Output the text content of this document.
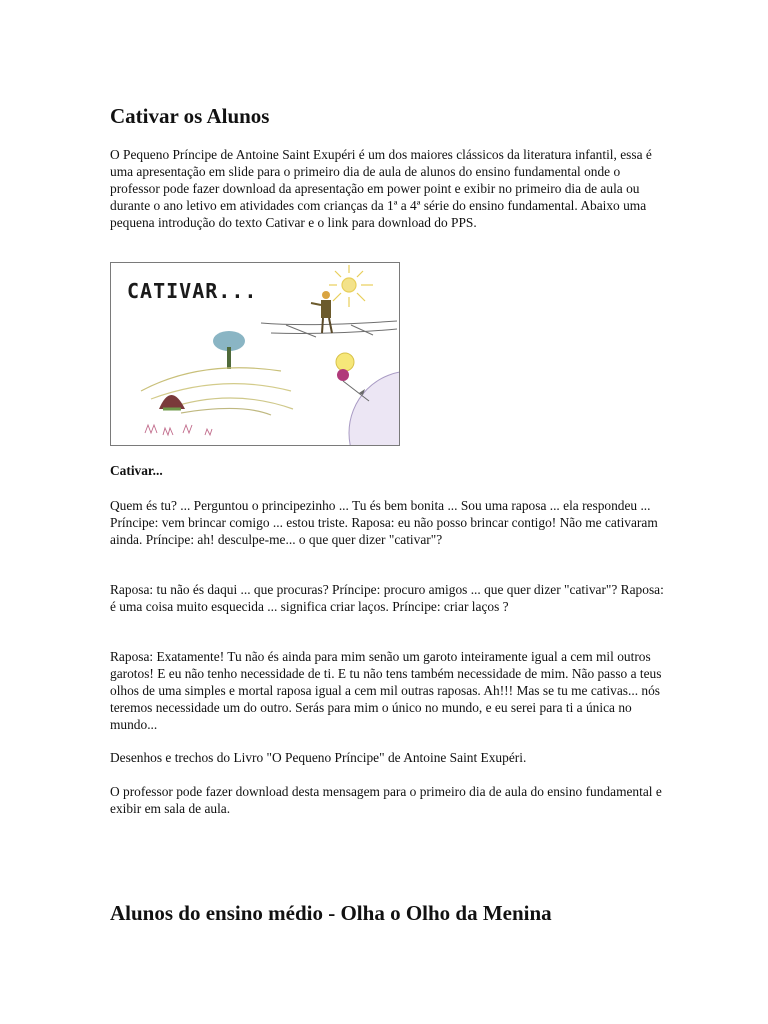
Cativar os Alunos

O Pequeno Príncipe de Antoine Saint Exupéri é um dos maiores clássicos da literatura infantil, essa é uma apresentação em slide para o primeiro dia de aula de alunos do ensino fundamental onde o professor pode fazer download da apresentação em power point e exibir no primeiro dia de aula ou durante o ano letivo em atividades com crianças da 1ª a 4ª série do ensino fundamental. Abaixo uma pequena introdução do texto Cativar e o link para download do PPS.

CATIVAR...

Cativar...

Quem és tu? ... Perguntou o principezinho ... Tu és bem bonita ... Sou uma raposa ... ela respondeu ... Príncipe: vem brincar comigo ... estou triste. Raposa: eu não posso brincar contigo! Não me cativaram ainda. Príncipe: ah! desculpe-me... o que quer dizer "cativar"?

Raposa: tu não és daqui ... que procuras? Príncipe: procuro amigos ... que quer dizer "cativar"? Raposa: é uma coisa muito esquecida ... significa criar laços. Príncipe: criar laços ?

Raposa: Exatamente! Tu não és ainda para mim senão um garoto inteiramente igual a cem mil outros garotos! E eu não tenho necessidade de ti. E tu não tens também necessidade de mim. Não passo a teus olhos de uma simples e mortal raposa igual a cem mil outras raposas. Ah!!! Mas se tu me cativas... nós teremos necessidade um do outro. Serás para mim o único no mundo, e eu serei para ti a única no mundo...

Desenhos e trechos do Livro "O Pequeno Príncipe" de Antoine Saint Exupéri.

O professor pode fazer download desta mensagem para o primeiro dia de aula do ensino fundamental e exibir em sala de aula.

Alunos do ensino médio - Olha o Olho da Menina
